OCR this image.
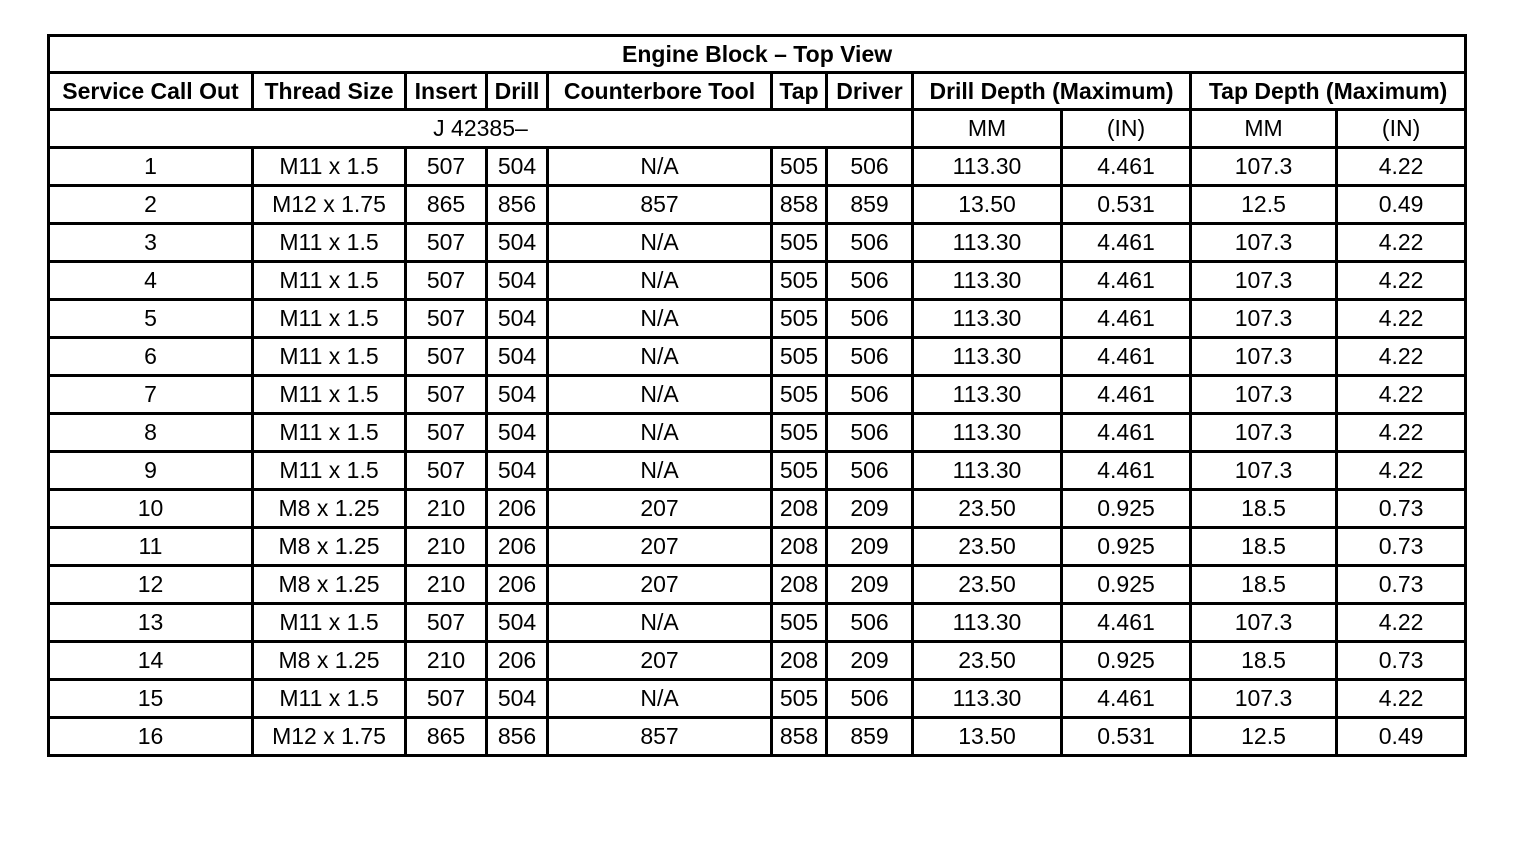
Engine Block – Top View										
Service Call Out	Thread Size	Insert	Drill	Counterbore Tool	Tap	Driver	Drill Depth (Maximum)		Tap Depth (Maximum)	
J 42385–							MM	(IN)	MM	(IN)
1	M11 x 1.5	507	504	N/A	505	506	113.30	4.461	107.3	4.22
2	M12 x 1.75	865	856	857	858	859	13.50	0.531	12.5	0.49
3	M11 x 1.5	507	504	N/A	505	506	113.30	4.461	107.3	4.22
4	M11 x 1.5	507	504	N/A	505	506	113.30	4.461	107.3	4.22
5	M11 x 1.5	507	504	N/A	505	506	113.30	4.461	107.3	4.22
6	M11 x 1.5	507	504	N/A	505	506	113.30	4.461	107.3	4.22
7	M11 x 1.5	507	504	N/A	505	506	113.30	4.461	107.3	4.22
8	M11 x 1.5	507	504	N/A	505	506	113.30	4.461	107.3	4.22
9	M11 x 1.5	507	504	N/A	505	506	113.30	4.461	107.3	4.22
10	M8 x 1.25	210	206	207	208	209	23.50	0.925	18.5	0.73
11	M8 x 1.25	210	206	207	208	209	23.50	0.925	18.5	0.73
12	M8 x 1.25	210	206	207	208	209	23.50	0.925	18.5	0.73
13	M11 x 1.5	507	504	N/A	505	506	113.30	4.461	107.3	4.22
14	M8 x 1.25	210	206	207	208	209	23.50	0.925	18.5	0.73
15	M11 x 1.5	507	504	N/A	505	506	113.30	4.461	107.3	4.22
16	M12 x 1.75	865	856	857	858	859	13.50	0.531	12.5	0.49
